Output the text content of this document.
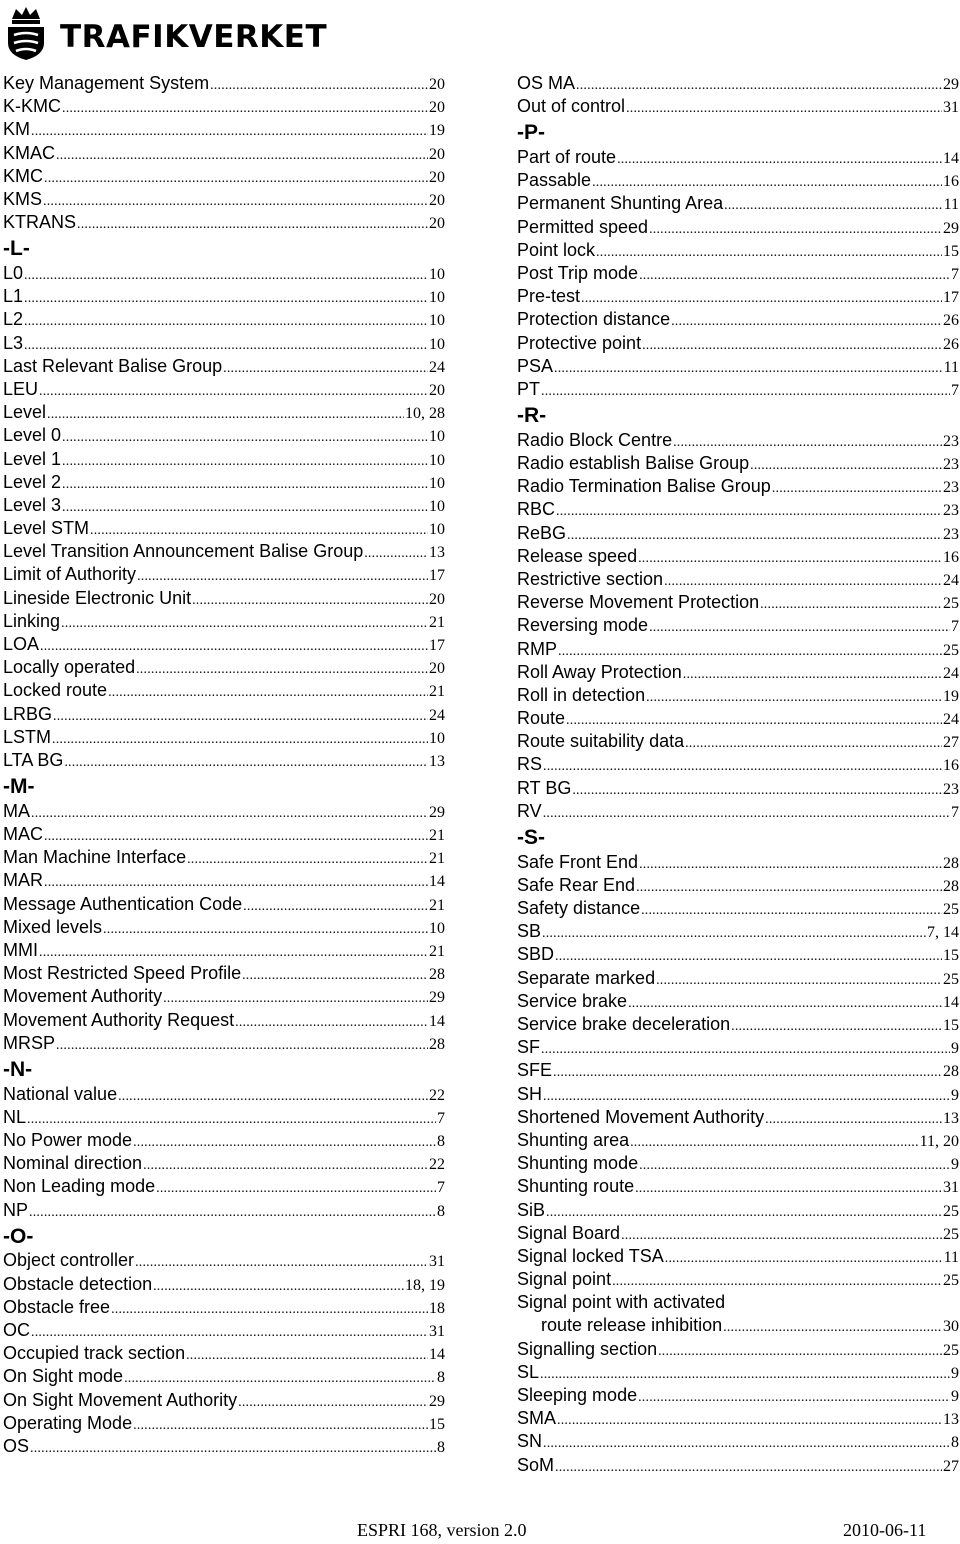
TRAFIKVERKET
Key Management System .....	20
K-KMC .....	20
KM .....	19
KMAC .....	20
KMC .....	20
KMS .....	20
KTRANS .....	20
-L-
L0 .....	10
L1 .....	10
L2 .....	10
L3 .....	10
Last Relevant Balise Group .....	24
LEU .....	20
Level .....	10, 28
Level 0 .....	10
Level 1 .....	10
Level 2 .....	10
Level 3 .....	10
Level STM .....	10
Level Transition Announcement Balise Group .....	13
Limit of Authority .....	17
Lineside Electronic Unit .....	20
Linking .....	21
LOA .....	17
Locally operated .....	20
Locked route .....	21
LRBG .....	24
LSTM .....	10
LTA BG .....	13
-M-
MA .....	29
MAC .....	21
Man Machine Interface .....	21
MAR .....	14
Message Authentication Code .....	21
Mixed levels .....	10
MMI .....	21
Most Restricted Speed Profile .....	28
Movement Authority .....	29
Movement Authority Request .....	14
MRSP .....	28
-N-
National value .....	22
NL .....	7
No Power mode .....	8
Nominal direction .....	22
Non Leading mode .....	7
NP .....	8
-O-
Object controller .....	31
Obstacle detection .....	18, 19
Obstacle free .....	18
OC .....	31
Occupied track section .....	14
On Sight mode .....	8
On Sight Movement Authority .....	29
Operating Mode .....	15
OS .....	8
OS MA .....	29
Out of control .....	31
-P-
Part of route .....	14
Passable .....	16
Permanent Shunting Area .....	11
Permitted speed .....	29
Point lock .....	15
Post Trip mode .....	7
Pre-test .....	17
Protection distance .....	26
Protective point .....	26
PSA .....	11
PT .....	7
-R-
Radio Block Centre .....	23
Radio establish Balise Group .....	23
Radio Termination Balise Group .....	23
RBC .....	23
ReBG .....	23
Release speed .....	16
Restrictive section .....	24
Reverse Movement Protection .....	25
Reversing mode .....	7
RMP .....	25
Roll Away Protection .....	24
Roll in detection .....	19
Route .....	24
Route suitability data .....	27
RS .....	16
RT BG .....	23
RV .....	7
-S-
Safe Front End .....	28
Safe Rear End .....	28
Safety distance .....	25
SB .....	7, 14
SBD .....	15
Separate marked .....	25
Service brake .....	14
Service brake deceleration .....	15
SF .....	9
SFE .....	28
SH .....	9
Shortened Movement Authority .....	13
Shunting area .....	11, 20
Shunting mode .....	9
Shunting route .....	31
SiB .....	25
Signal Board .....	25
Signal locked TSA .....	11
Signal point .....	25
Signal point with activated
route release inhibition .....	30
Signalling section .....	25
SL .....	9
Sleeping mode .....	9
SMA .....	13
SN .....	8
SoM .....	27
ESPRI 168, version 2.0	2010-06-11
